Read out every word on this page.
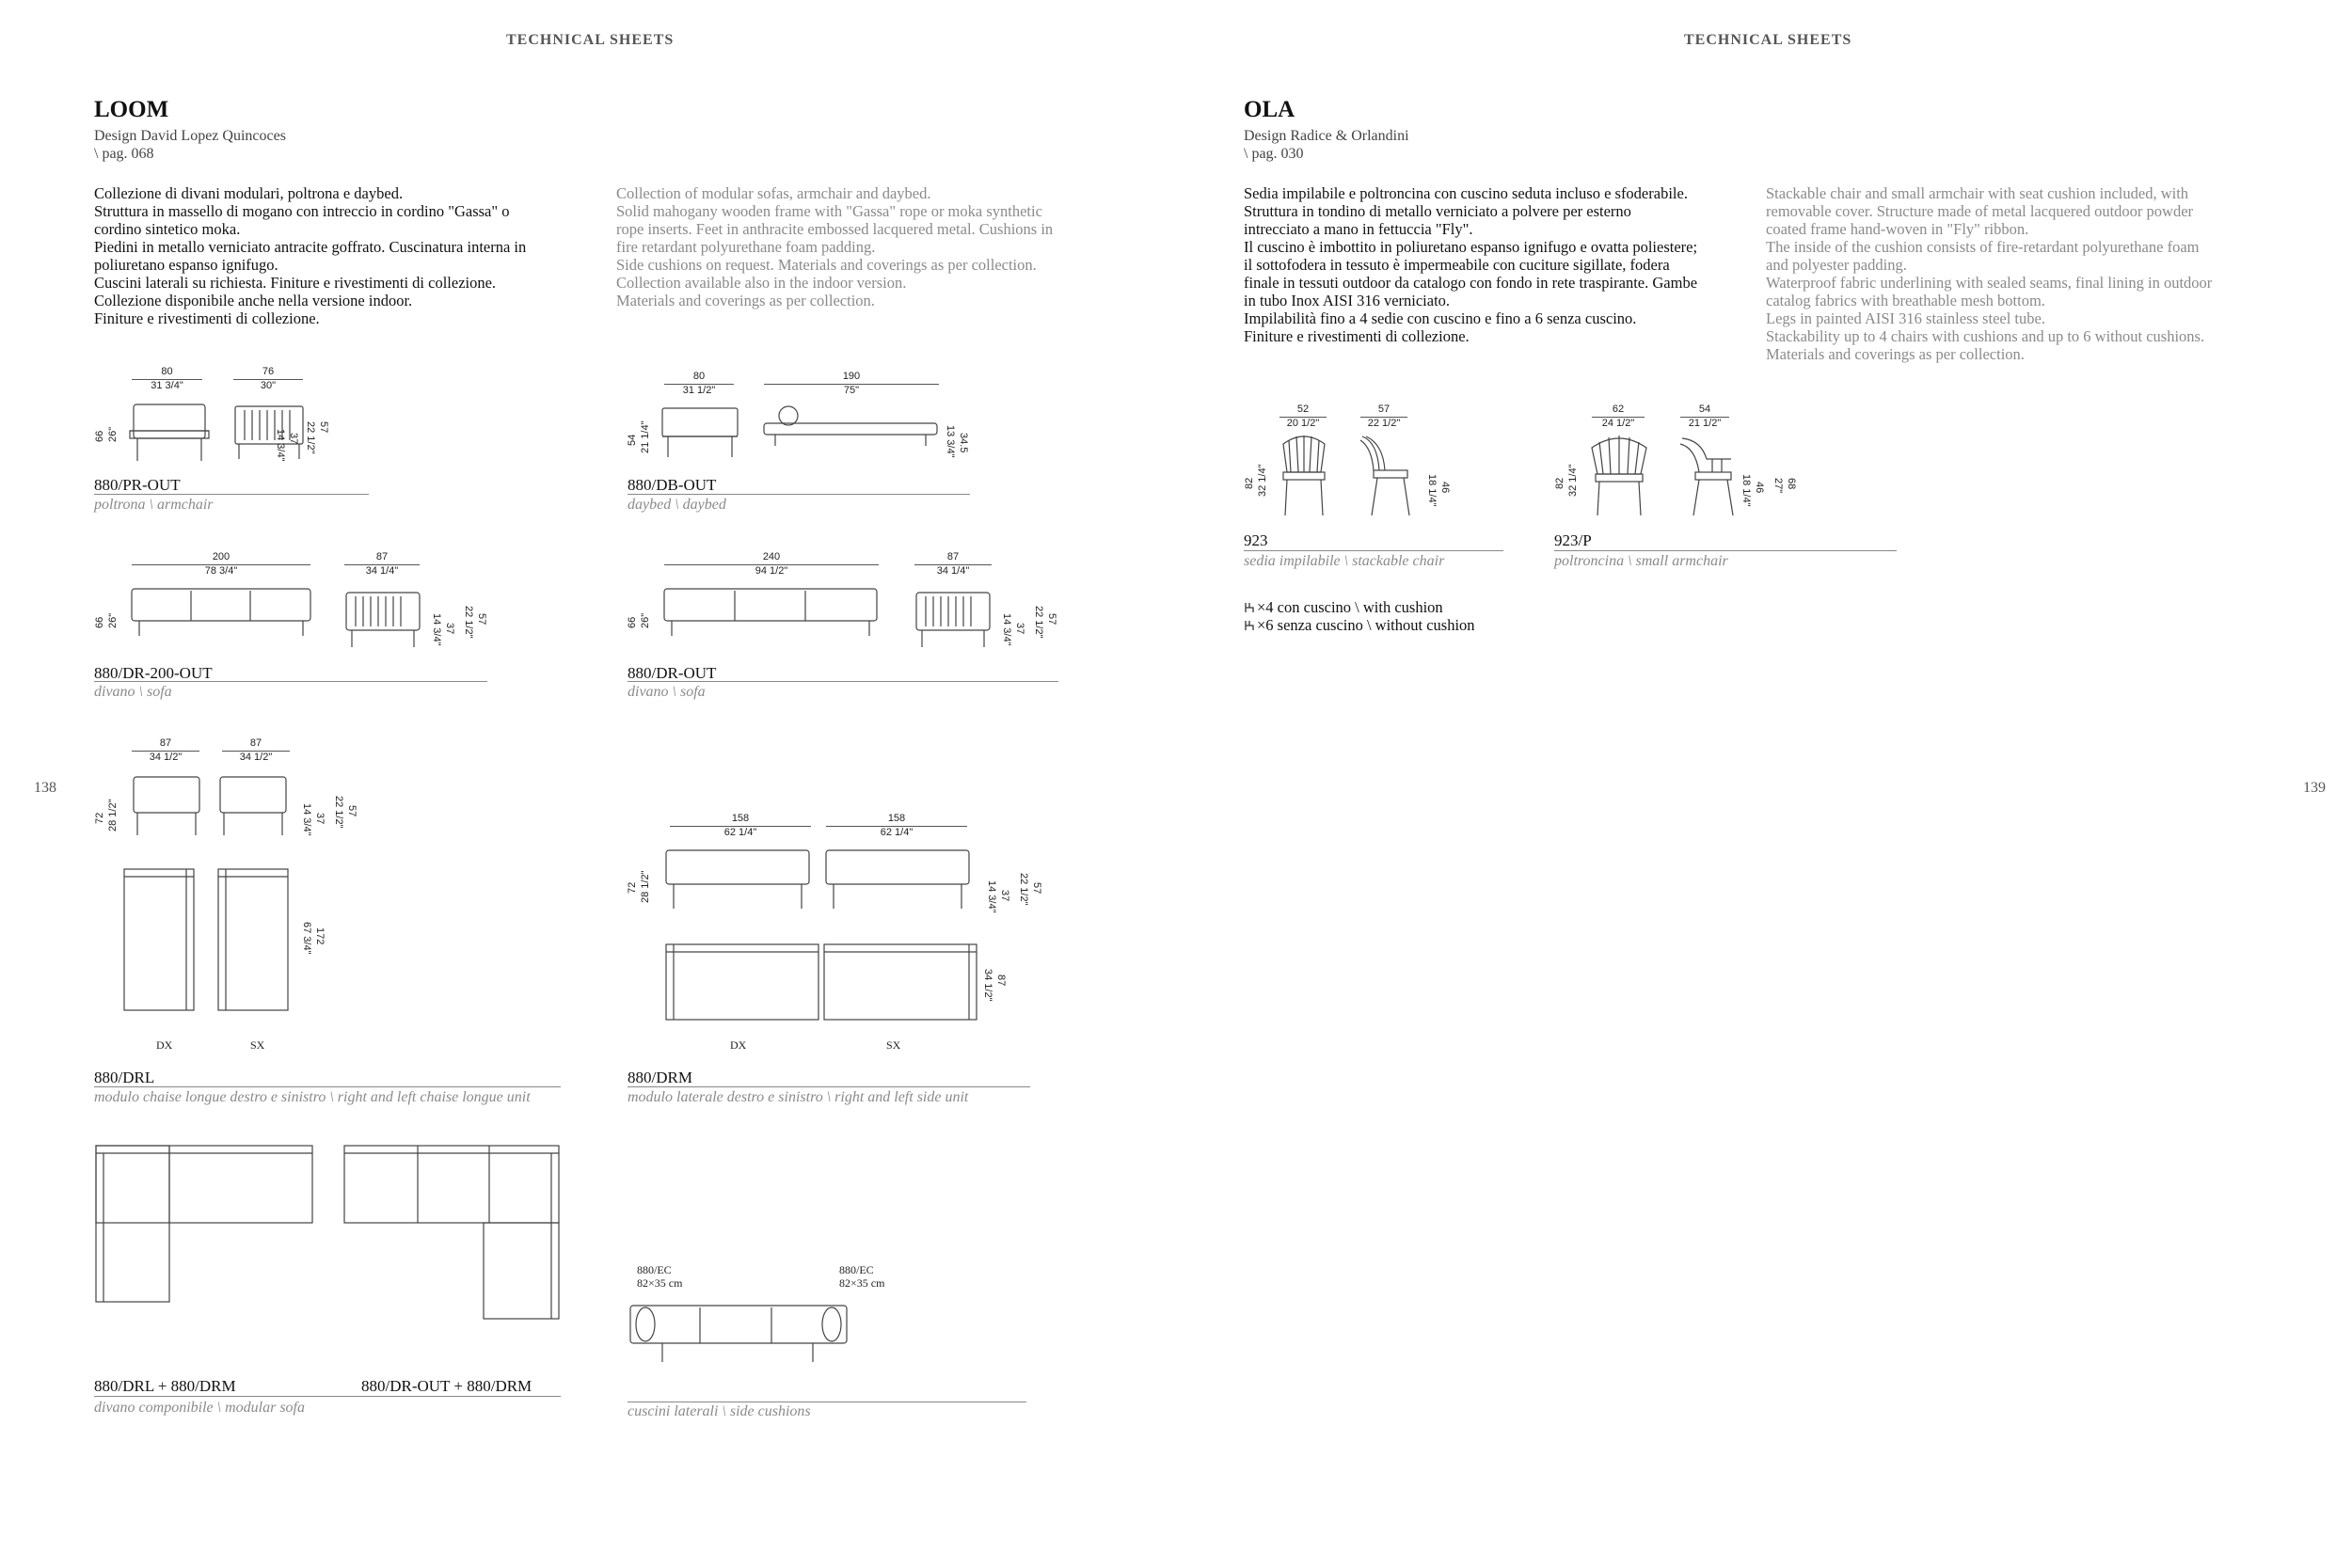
TECHNICAL SHEETS	TECHNICAL SHEETS
138	139
LOOM
Design David Lopez Quincoces
\ pag. 068

Collezione di divani modulari, poltrona e daybed.

Struttura in massello di mogano con intreccio in cordino "Gassa" o

cordino sintetico moka.

Piedini in metallo verniciato antracite goffrato. Cuscinatura interna in

poliuretano espanso ignifugo.

Cuscini laterali su richiesta. Finiture e rivestimenti di collezione.

Collezione disponibile anche nella versione indoor.

Finiture e rivestimenti di collezione.

Collection of modular sofas, armchair and daybed.

Solid mahogany wooden frame with "Gassa" rope or moka synthetic

rope inserts. Feet in anthracite embossed lacquered metal. Cushions in

fire retardant polyurethane foam padding.

Side cushions on request. Materials and coverings as per collection.

Collection available also in the indoor version.

Materials and coverings as per collection.

80
31 3/4"
76
30"
66 26"	57
22 1/2"
37
14 3/4"
880/PR-OUT
poltrona \ armchair
80
31 1/2"
190
75"
54 21 1/4"	34.5
13 3/4"
880/DB-OUT
daybed \ daybed
200
78 3/4"
87
34 1/4"
66 26"	57
22 1/2"
37
14 3/4"
880/DR-200-OUT
divano \ sofa
240
94 1/2"
87
34 1/4"
66 26"	57
22 1/2"
37
14 3/4"
880/DR-OUT
divano \ sofa
87
34 1/2"
87
34 1/2"
72 28 1/2"	57
22 1/2"
37
14 3/4"
172
67 3/4"
DX	SX
880/DRL
modulo chaise longue destro e sinistro \ right and left chaise longue unit
158
62 1/4"
158
62 1/4"
72 28 1/2"	57
22 1/2"
37
14 3/4"
87
34 1/2"
DX	SX
880/DRM
modulo laterale destro e sinistro \ right and left side unit
880/DRL + 880/DRM	880/DR-OUT + 880/DRM
divano componibile \ modular sofa
880/EC
82×35 cm
880/EC
82×35 cm
cuscini laterali \ side cushions
OLA
Design Radice & Orlandini
\ pag. 030

Sedia impilabile e poltroncina con cuscino seduta incluso e sfoderabile.

Struttura in tondino di metallo verniciato a polvere per esterno

intrecciato a mano in fettuccia "Fly".

Il cuscino è imbottito in poliuretano espanso ignifugo e ovatta poliestere;

il sottofodera in tessuto è impermeabile con cuciture sigillate, fodera

finale in tessuti outdoor da catalogo con fondo in rete traspirante. Gambe

in tubo Inox AISI 316 verniciato.

Impilabilità fino a 4 sedie con cuscino e fino a 6 senza cuscino.

Finiture e rivestimenti di collezione.

Stackable chair and small armchair with seat cushion included, with

removable cover. Structure made of metal lacquered outdoor powder

coated frame hand-woven in "Fly" ribbon.

The inside of the cushion consists of fire-retardant polyurethane foam

and polyester padding.

Waterproof fabric underlining with sealed seams, final lining in outdoor

catalog fabrics with breathable mesh bottom.

Legs in painted AISI 316 stainless steel tube.

Stackability up to 4 chairs with cushions and up to 6 without cushions.

Materials and coverings as per collection.

52
20 1/2"
57
22 1/2"
82 32 1/4"	46
18 1/4"
923
sedia impilabile \ stackable chair
62
24 1/2"
54
21 1/2"
82 32 1/4"	68
27"
46
18 1/4"
923/P
poltroncina \ small armchair
×4 con cuscino \ with cushion
×6 senza cuscino \ without cushion
